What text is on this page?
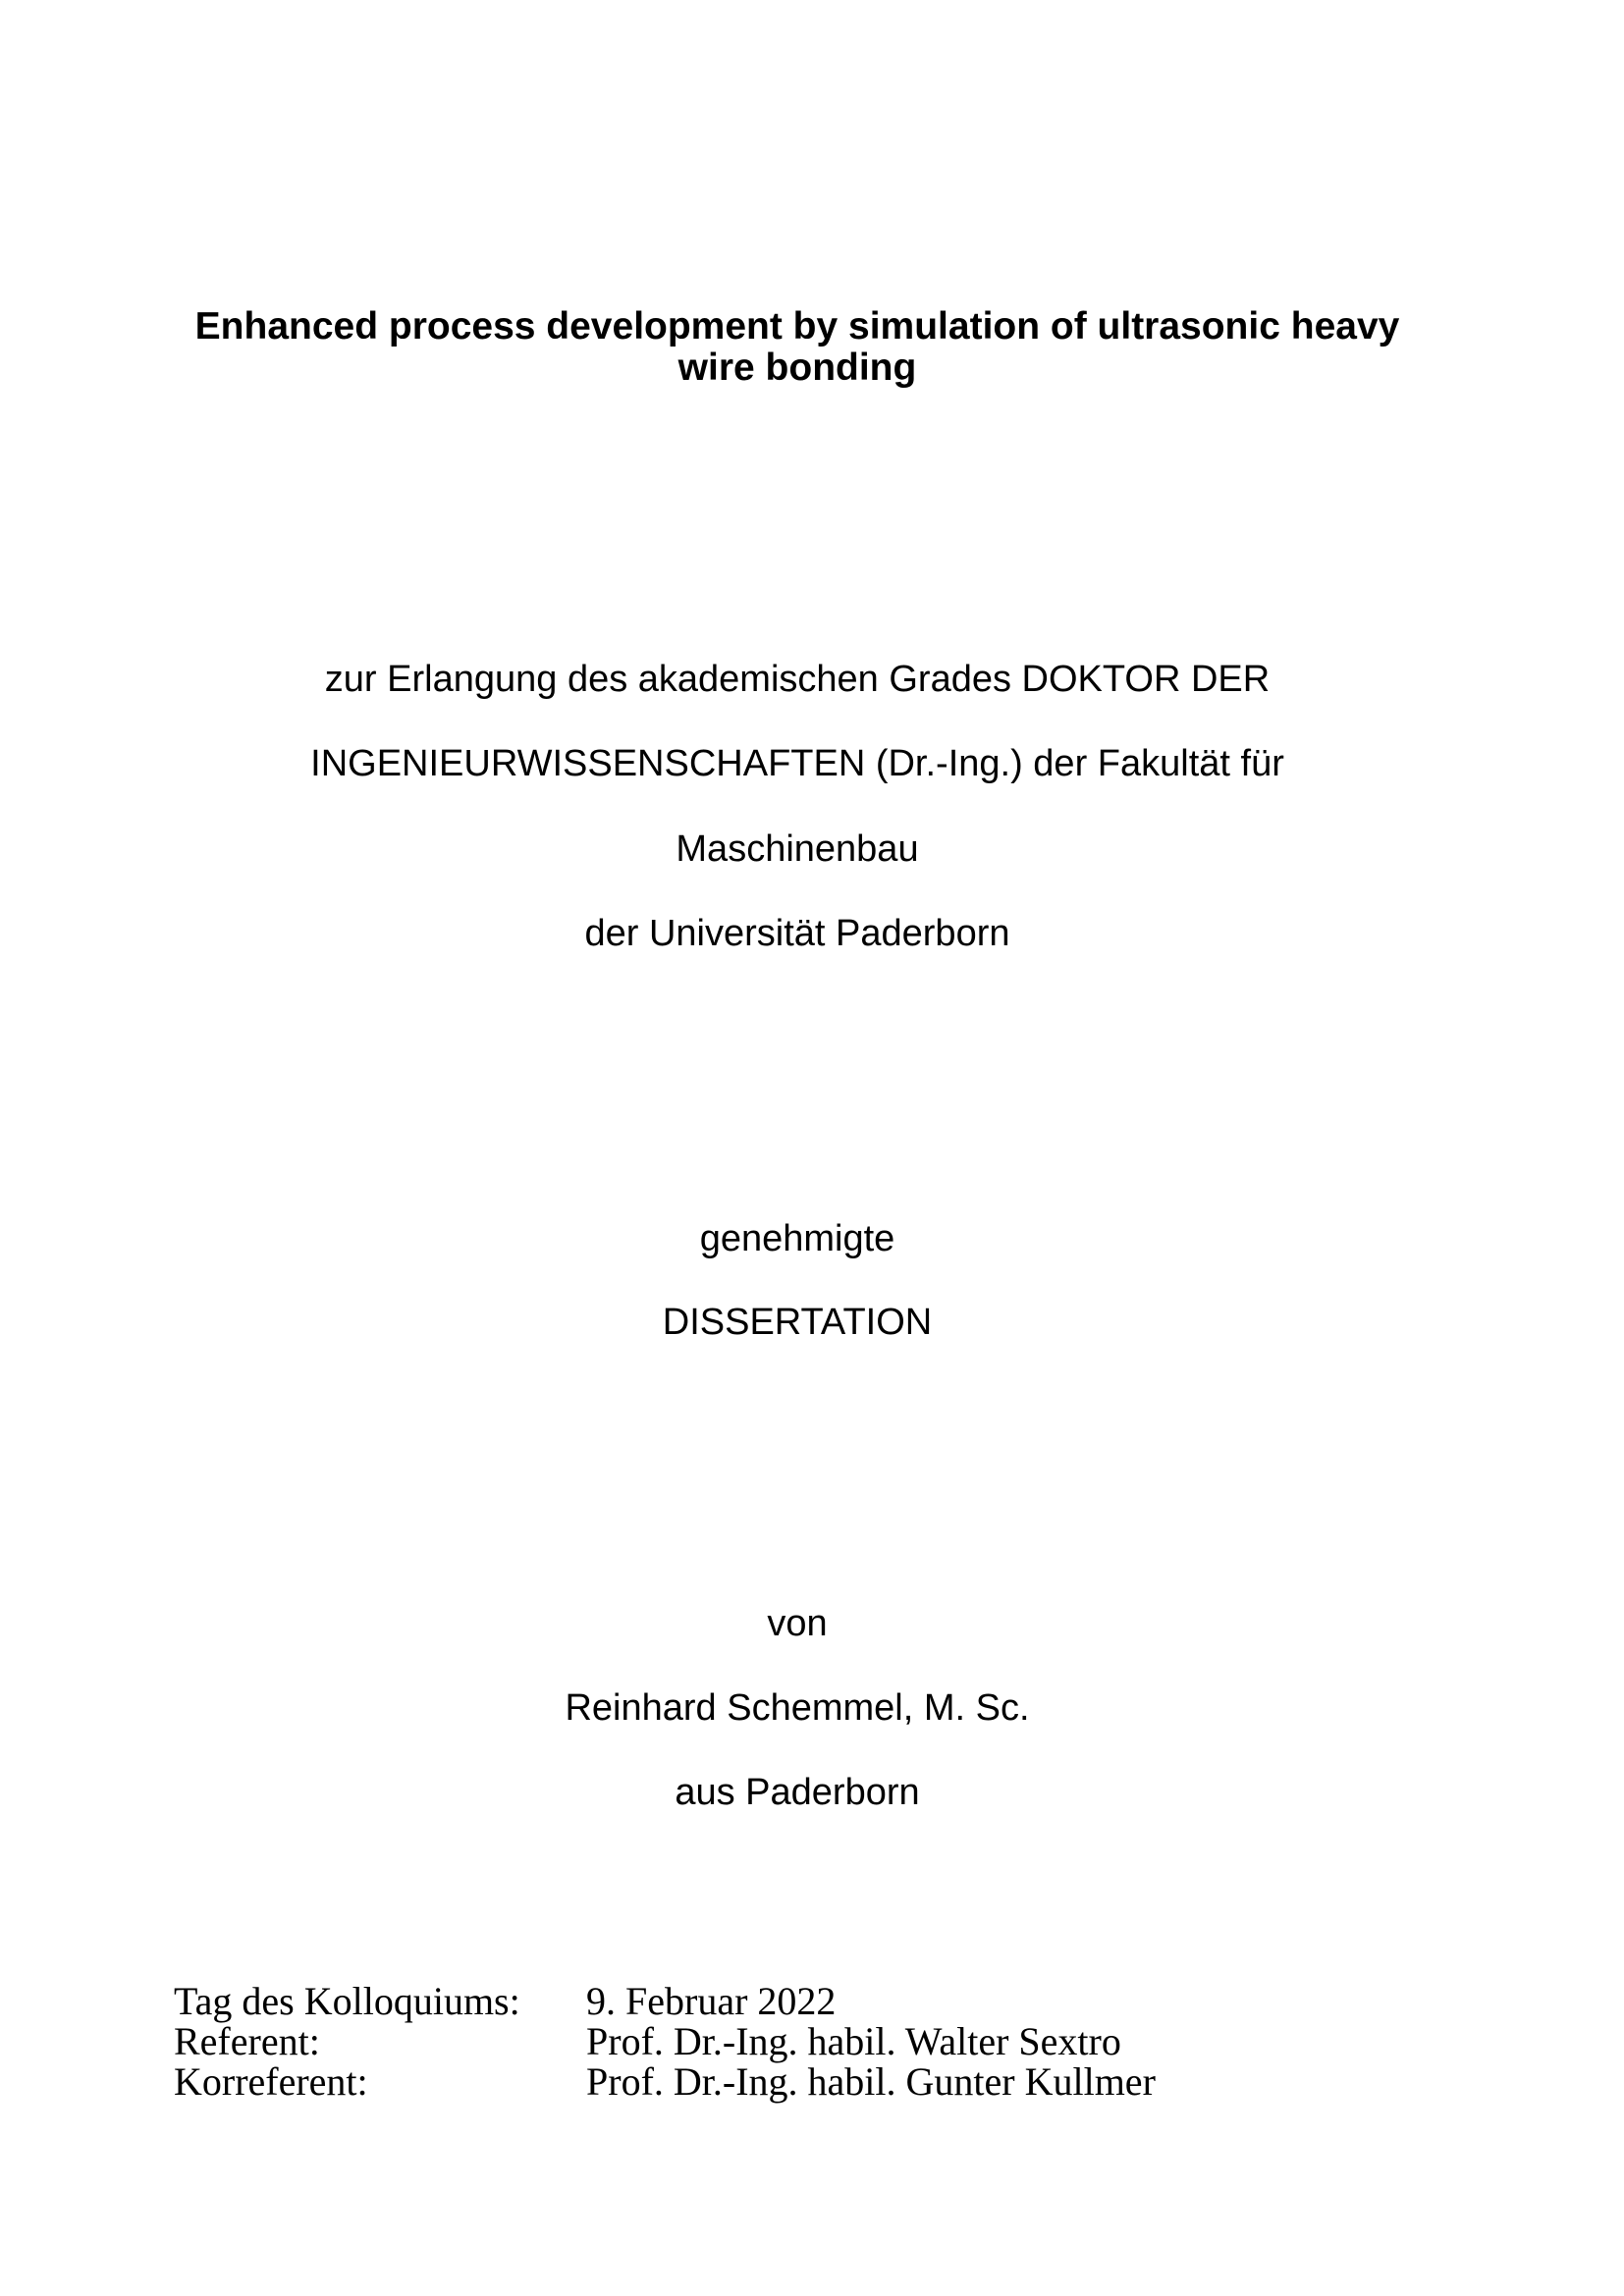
Enhanced process development by simulation of ultrasonic heavy
wire bonding
zur Erlangung des akademischen Grades DOKTOR DER
INGENIEURWISSENSCHAFTEN (Dr.-Ing.) der Fakultät für
Maschinenbau
der Universität Paderborn
genehmigte
DISSERTATION
von
Reinhard Schemmel, M. Sc.
aus Paderborn
Tag des Kolloquiums:	9. Februar 2022
Referent:	Prof. Dr.-Ing. habil. Walter Sextro
Korreferent:	Prof. Dr.-Ing. habil. Gunter Kullmer
